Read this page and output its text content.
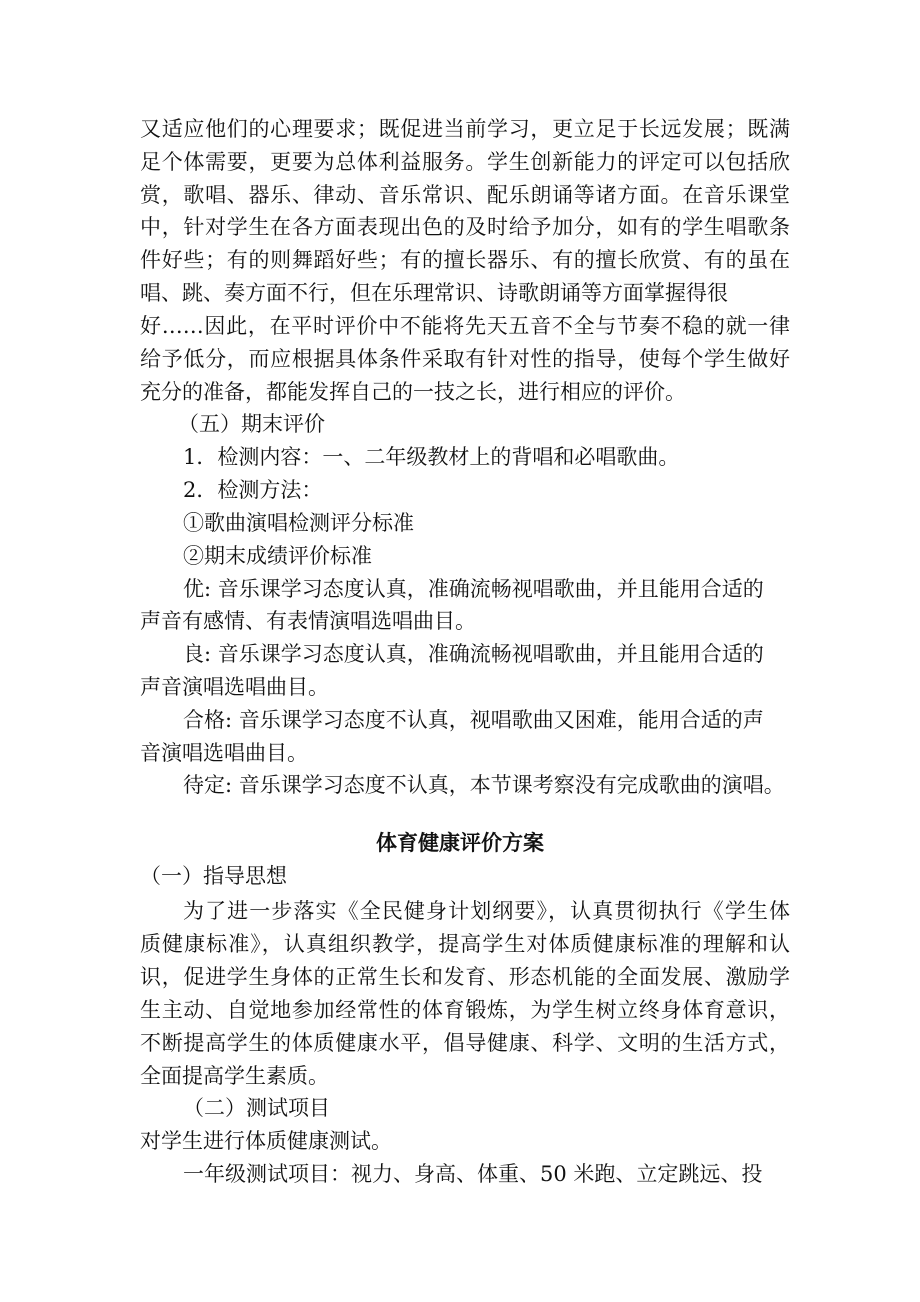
又适应他们的心理要求；既促进当前学习，更立足于长远发展；既满
足个体需要，更要为总体利益服务。学生创新能力的评定可以包括欣
赏，歌唱、器乐、律动、音乐常识、配乐朗诵等诸方面。在音乐课堂
中，针对学生在各方面表现出色的及时给予加分，如有的学生唱歌条
件好些；有的则舞蹈好些；有的擅长器乐、有的擅长欣赏、有的虽在
唱、跳、奏方面不行，但在乐理常识、诗歌朗诵等方面掌握得很
好……因此，在平时评价中不能将先天五音不全与节奏不稳的就一律
给予低分，而应根据具体条件采取有针对性的指导，使每个学生做好
充分的准备，都能发挥自己的一技之长，进行相应的评价。
（五）期末评价
1．检测内容：一、二年级教材上的背唱和必唱歌曲。
2．检测方法：
①歌曲演唱检测评分标准
②期末成绩评价标准
优: 音乐课学习态度认真，准确流畅视唱歌曲，并且能用合适的
声音有感情、有表情演唱选唱曲目。
良: 音乐课学习态度认真，准确流畅视唱歌曲，并且能用合适的
声音演唱选唱曲目。
合格: 音乐课学习态度不认真，视唱歌曲又困难，能用合适的声
音演唱选唱曲目。
待定: 音乐课学习态度不认真，本节课考察没有完成歌曲的演唱。
体育健康评价方案
（一）指导思想
为了进一步落实《全民健身计划纲要》，认真贯彻执行《学生体
质健康标准》，认真组织教学，提高学生对体质健康标准的理解和认
识，促进学生身体的正常生长和发育、形态机能的全面发展、激励学
生主动、自觉地参加经常性的体育锻炼，为学生树立终身体育意识，
不断提高学生的体质健康水平，倡导健康、科学、文明的生活方式，
全面提高学生素质。
（二）测试项目
对学生进行体质健康测试。
一年级测试项目：视力、身高、体重、50 米跑、立定跳远、投
